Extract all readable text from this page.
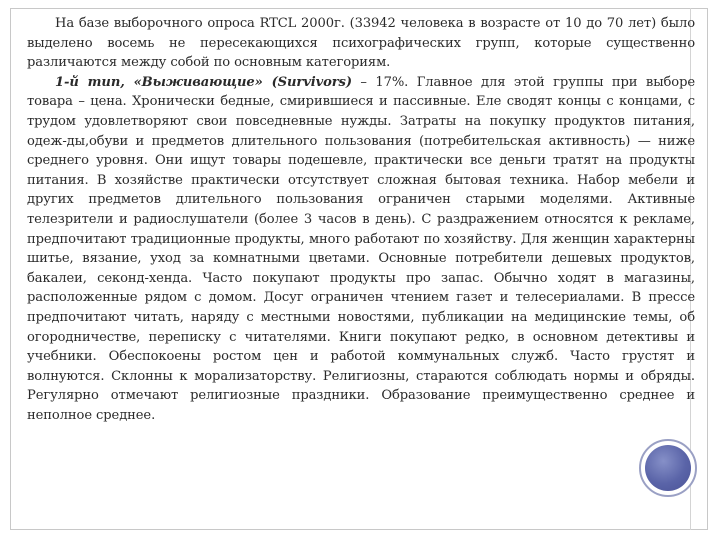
На базе выборочного опроса RTCL 2000г. (33942 человека в возрасте от 10 до 70 лет) было выделено восемь не пересекающихся психографических групп, которые существенно различаются между собой по основным категориям.

1-й тип, «Выживающие» (Survivors) – 17%. Главное для этой группы при выборе товара – цена. Хронически бедные, смирившиеся и пассивные. Еле сводят концы с концами, с трудом удовлетворяют свои повседневные нужды. Затраты на покупку продуктов питания, одеж-ды,обуви и предметов длительного пользования (потребительская активность) — ниже среднего уровня. Они ищут товары подешевле, практически все деньги тратят на продукты питания. В хозяйстве практически отсутствует сложная бытовая техника. Набор мебели и других предметов длительного пользования ограничен старыми моделями. Активные телезрители и радиослушатели (более 3 часов в день). С раздражением относятся к рекламе, предпочитают традиционные продукты, много работают по хозяйству. Для женщин характерны шитье, вязание, уход за комнатными цветами. Основные потребители дешевых продуктов, бакалеи, секонд-хенда. Часто покупают продукты про запас. Обычно ходят в магазины, расположенные рядом с домом. Досуг ограничен чтением газет и телесериалами. В прессе предпочитают читать, наряду с местными новостями, публикации на медицинские темы, об огородничестве, переписку с читателями. Книги покупают редко, в основном детективы и учебники. Обеспокоены ростом цен и работой коммунальных служб. Часто грустят и волнуются. Склонны к морализаторству. Религиозны, стараются соблюдать нормы и обряды. Регулярно отмечают религиозные праздники. Образование преимущественно среднее и неполное среднее.
